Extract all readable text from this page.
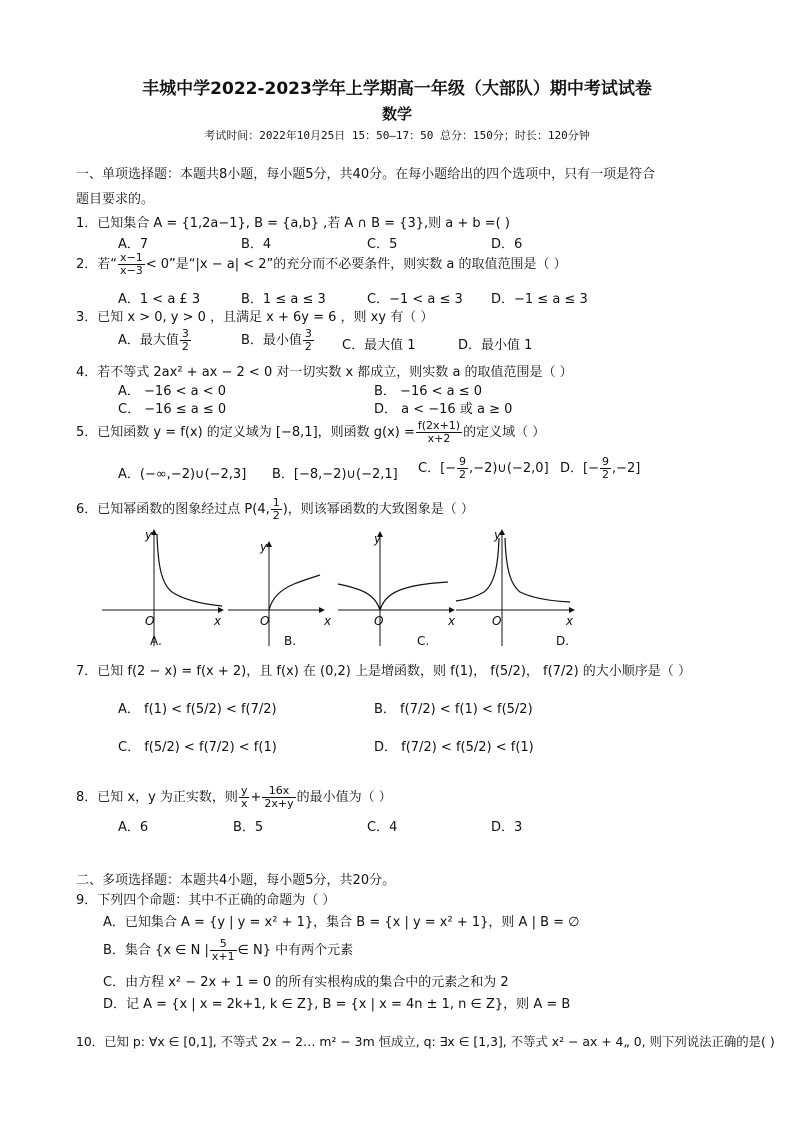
丰城中学2022-2023学年上学期高一年级（大部队）期中考试试卷
数学
考试时间：2022年10月25日 15：50—17：50 总分：150分；时长：120分钟
一、单项选择题：本题共8小题，每小题5分，共40分。在每小题给出的四个选项中，只有一项是符合
题目要求的。
1．已知集合 A = {1,2a−1}, B = {a,b} ,若 A ∩ B = {3},则 a + b =( )
A．7	B．4	C．5	D．6
2．若“ $\frac{x-1}{x-3} < 0$”是“|x − a| < 2”的充分而不必要条件，则实数 a 的取值范围是（ ）
A．1 < a £ 3	B．1 ≤ a ≤ 3	C．−1 < a ≤ 3 D．−1 ≤ a ≤ 3
3．已知 x > 0, y > 0 ，且满足 x + 6y = 6 ，则 xy 有（ ）
A．最大值 $\frac{3}{2}$	B．最小值 $\frac{3}{2}$ C．最大值 1	D．最小值 1
4．若不等式 2ax² + ax − 2 < 0 对一切实数 x 都成立，则实数 a 的取值范围是（ ）
A． −16 < a < 0	B． −16 < a ≤ 0
C． −16 ≤ a ≤ 0	D． a < −16 或 a ≥ 0
5．已知函数 y = f(x) 的定义域为 [−8,1]，则函数 $g(x) = \frac{f(2x+1)}{x+2}$ 的定义域（ ）
A．(−∞,−2)∪(−2,3] B．[−8,−2)∪(−2,1] C．[− $\frac{9}{2}$ ,−2)∪(−2,0] D．[− $\frac{9}{2} ,-2$]
6．已知幂函数的图象经过点 P(4, $\frac{1}{2}$ )，则该幂函数的大致图象是（ ）
y
O	x
A.
y
O	x
B.
y
O	x
C.
y
O	x
D.
7．已知 f(2 − x) = f(x + 2)，且 f(x) 在 (0,2) 上是增函数，则 f(1)， f(5/2)， f(7/2) 的大小顺序是（ ）
A． f(1) < f(5/2) < f(7/2)	B． f(7/2) < f(1) < f(5/2)
C． f(5/2) < f(7/2) < f(1)	D． f(7/2) < f(5/2) < f(1)
8．已知 x，y 为正实数，则 $\frac{y}{x} + \frac{16x}{2x+y}$ 的最小值为（ ）
A．6	B．5	C．4	D．3
二、多项选择题：本题共4小题，每小题5分，共20分。
9．下列四个命题：其中不正确的命题为（ ）
A．已知集合 A = {y | y = x² + 1}，集合 B = {x | y = x² + 1}，则 A | B = ∅
B．集合 {x ∈ N | $\frac{5}{x+1}$ ∈ N} 中有两个元素
C．由方程 x² − 2x + 1 = 0 的所有实根构成的集合中的元素之和为 2
D．记 A = {x | x = 2k+1, k ∈ Z}, B = {x | x = 4n ± 1, n ∈ Z}，则 A = B
10．已知 p: ∀x ∈ [0,1], 不等式 2x − 2… m² − 3m 恒成立, q: ∃x ∈ [1,3], 不等式 x² − ax + 4„ 0, 则下列说法正确的是( )
